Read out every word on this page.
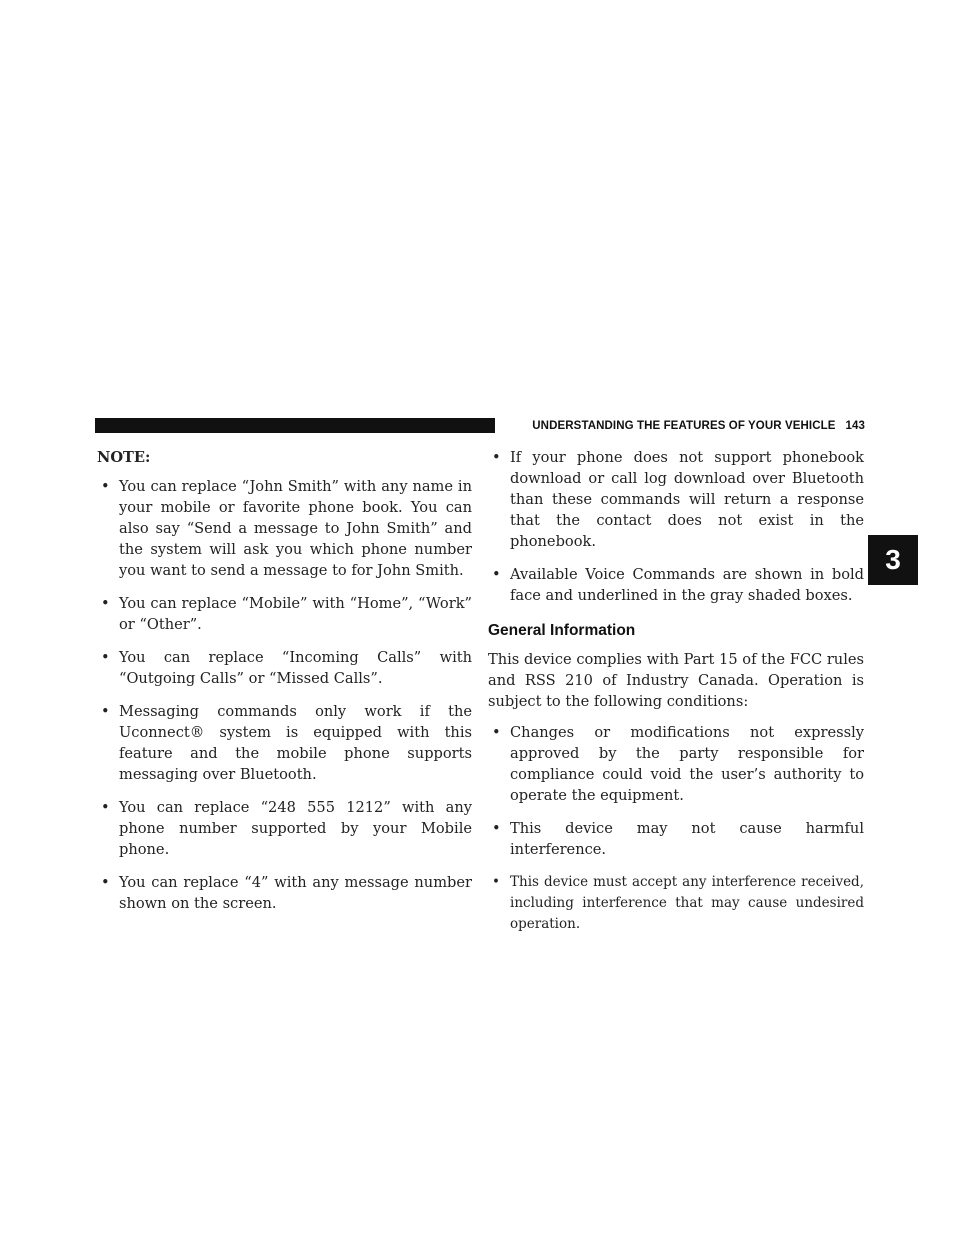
UNDERSTANDING THE FEATURES OF YOUR VEHICLE 143
3
NOTE:
• You can replace “John Smith” with any name in your mobile or favorite phone book. You can also say “Send a message to John Smith” and the system will ask you which phone number you want to send a message to for John Smith.
• You can replace “Mobile” with “Home”, “Work” or “Other”.
• You can replace “Incoming Calls” with “Outgoing Calls” or “Missed Calls”.
• Messaging commands only work if the Uconnect® system is equipped with this feature and the mobile phone supports messaging over Bluetooth.
• You can replace “248 555 1212” with any phone number supported by your Mobile phone.
• You can replace “4” with any message number shown on the screen.
• If your phone does not support phonebook download or call log download over Bluetooth than these commands will return a response that the contact does not exist in the phonebook.
• Available Voice Commands are shown in bold face and underlined in the gray shaded boxes.
General Information

This device complies with Part 15 of the FCC rules and RSS 210 of Industry Canada. Operation is subject to the following conditions:

• Changes or modifications not expressly approved by the party responsible for compliance could void the user’s authority to operate the equipment.
• This device may not cause harmful interference.
• This device must accept any interference received, including interference that may cause undesired operation.
